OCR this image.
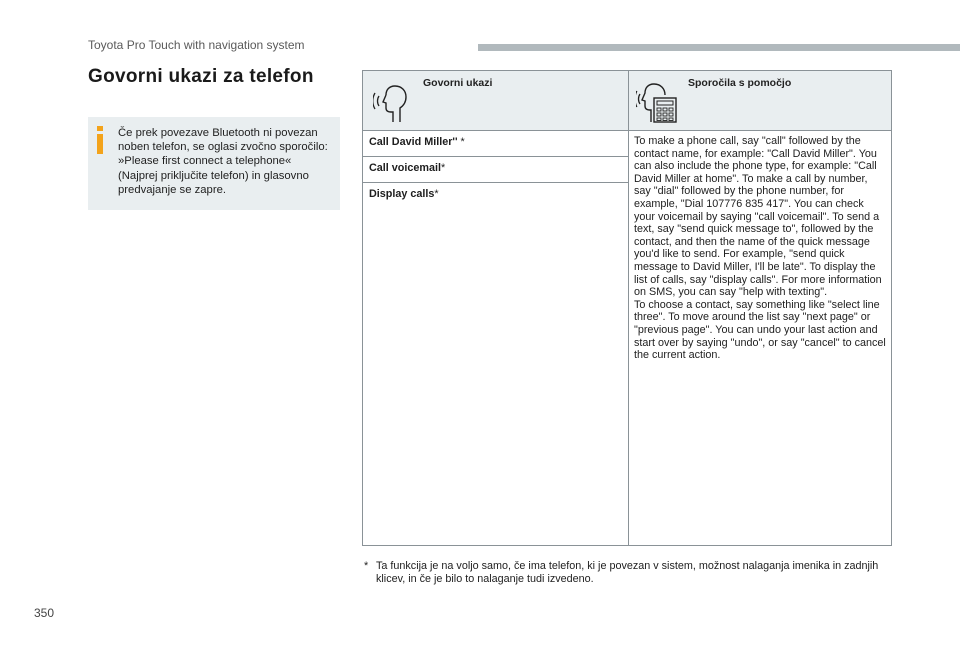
Toyota Pro Touch with navigation system
Govorni ukazi za telefon

Če prek povezave Bluetooth ni povezan noben telefon, se oglasi zvočno sporočilo: »Please first connect a telephone« (Najprej priključite telefon) in glasovno predvajanje se zapre.

Govorni ukazi	Sporočila s pomočjo
Call David Miller'' *
Call voicemail*
Display calls*

To make a phone call, say "call" followed by the contact name, for example: "Call David Miller". You can also include the phone type, for example: "Call David Miller at home". To make a call by number, say "dial" followed by the phone number, for example, "Dial 107776 835 417". You can check your voicemail by saying "call voicemail". To send a text, say "send quick message to", followed by the contact, and then the name of the quick message you'd like to send. For example, "send quick message to David Miller, I'll be late". To display the list of calls, say "display calls". For more information on SMS, you can say "help with texting".
To choose a contact, say something like "select line three". To move around the list say "next page" or "previous page". You can undo your last action and start over by saying "undo", or say "cancel" to cancel the current action.

* Ta funkcija je na voljo samo, če ima telefon, ki je povezan v sistem, možnost nalaganja imenika in zadnjih klicev, in če je bilo to nalaganje tudi izvedeno.
350
